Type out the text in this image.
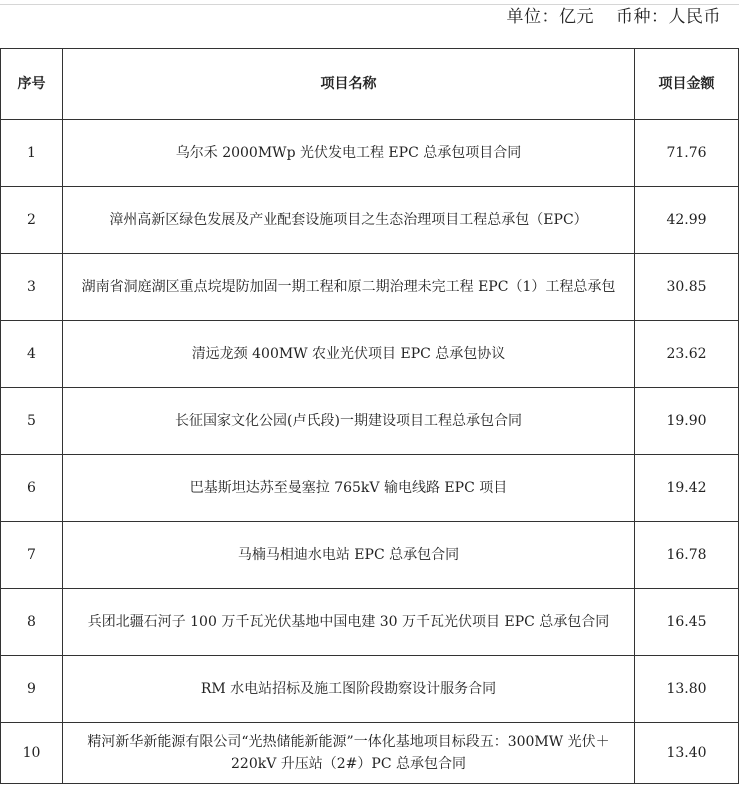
单位：亿元 币种：人民币
序号	项目名称	项目金额
1	乌尔禾 2000MWp 光伏发电工程 EPC 总承包项目合同	71.76
2	漳州高新区绿色发展及产业配套设施项目之生态治理项目工程总承包（EPC）	42.99
3	湖南省洞庭湖区重点垸堤防加固一期工程和原二期治理未完工程 EPC（1）工程总承包	30.85
4	清远龙颈 400MW 农业光伏项目 EPC 总承包协议	23.62
5	长征国家文化公园(卢氏段)一期建设项目工程总承包合同	19.90
6	巴基斯坦达苏至曼塞拉 765kV 输电线路 EPC 项目	19.42
7	马楠马相迪水电站 EPC 总承包合同	16.78
8	兵团北疆石河子 100 万千瓦光伏基地中国电建 30 万千瓦光伏项目 EPC 总承包合同	16.45
9	RM 水电站招标及施工图阶段勘察设计服务合同	13.80
10	精河新华新能源有限公司“光热储能新能源”一体化基地项目标段五：300MW 光伏＋220kV 升压站（2#）PC 总承包合同	13.40
